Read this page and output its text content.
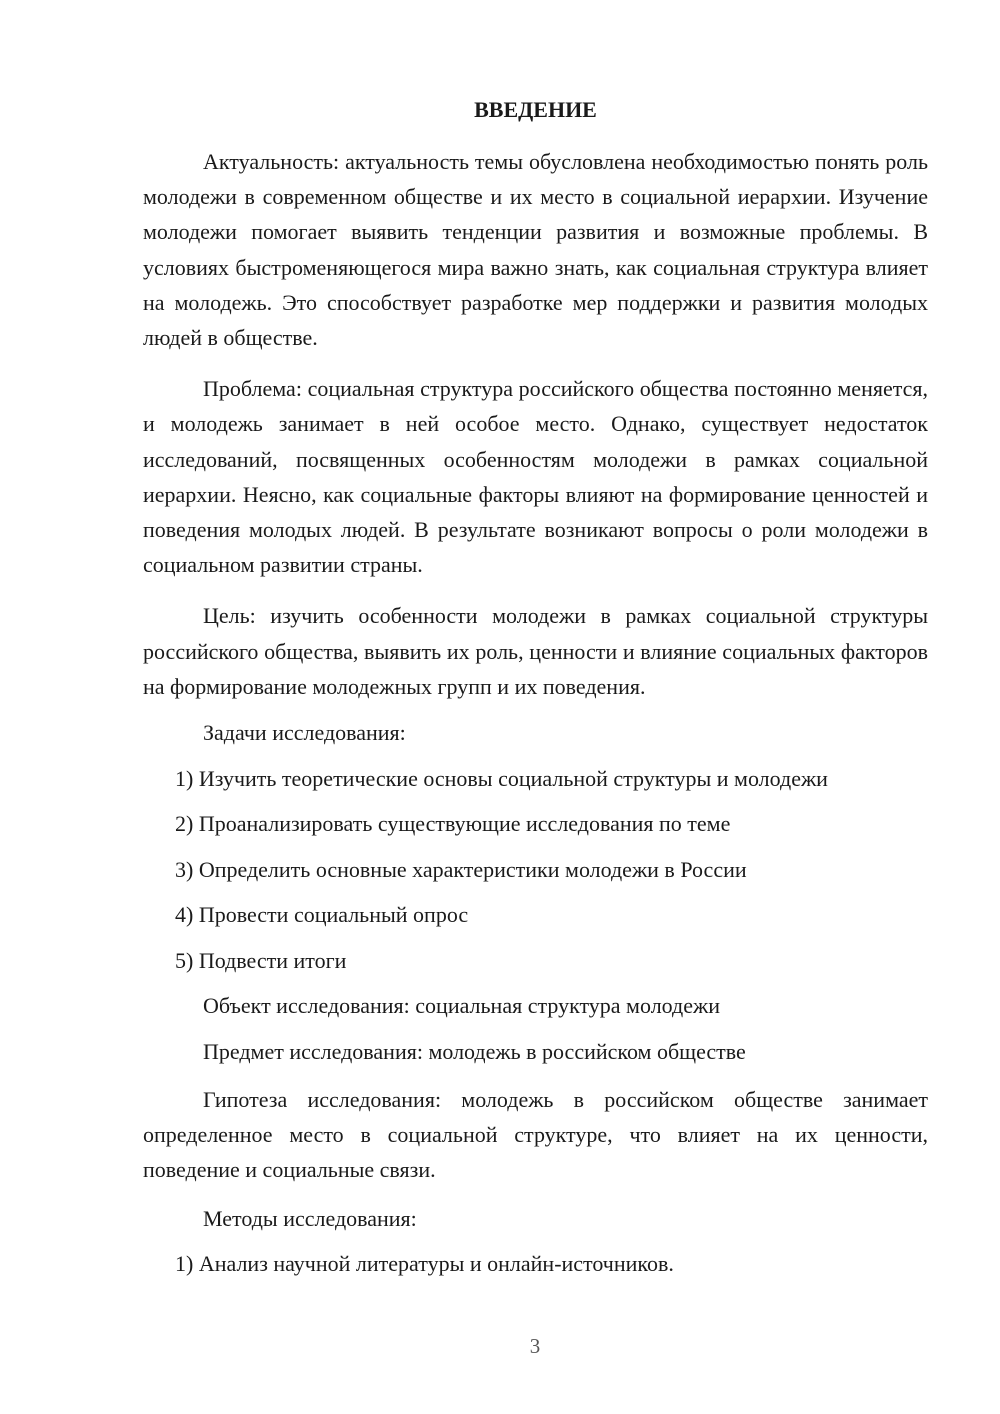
ВВЕДЕНИЕ

Актуальность: актуальность темы обусловлена необходимостью понять роль молодежи в современном обществе и их место в социальной иерархии. Изучение молодежи помогает выявить тенденции развития и возможные проблемы. В условиях быстроменяющегося мира важно знать, как социальная структура влияет на молодежь. Это способствует разработке мер поддержки и развития молодых людей в обществе.

Проблема: социальная структура российского общества постоянно меняется, и молодежь занимает в ней особое место. Однако, существует недостаток исследований, посвященных особенностям молодежи в рамках социальной иерархии. Неясно, как социальные факторы влияют на формирование ценностей и поведения молодых людей. В результате возникают вопросы о роли молодежи в социальном развитии страны.

Цель: изучить особенности молодежи в рамках социальной структуры российского общества, выявить их роль, ценности и влияние социальных факторов на формирование молодежных групп и их поведения.

Задачи исследования:
1) Изучить теоретические основы социальной структуры и молодежи
2) Проанализировать существующие исследования по теме
3) Определить основные характеристики молодежи в России
4) Провести социальный опрос
5) Подвести итоги
Объект исследования: социальная структура молодежи
Предмет исследования: молодежь в российском обществе

Гипотеза исследования: молодежь в российском обществе занимает определенное место в социальной структуре, что влияет на их ценности, поведение и социальные связи.

Методы исследования:
1) Анализ научной литературы и онлайн-источников.
3
